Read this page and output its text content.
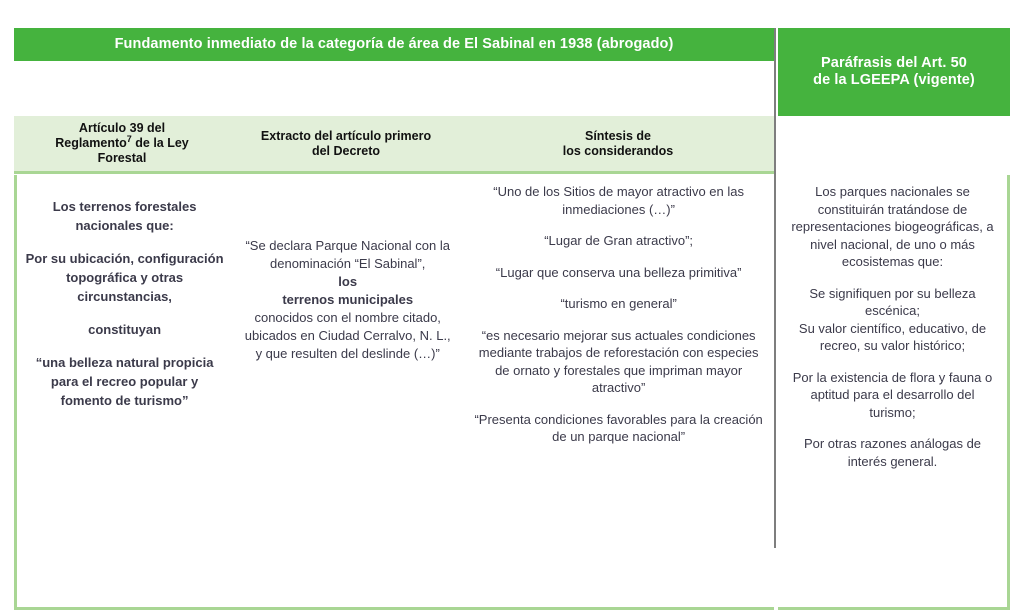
Fundamento inmediato de la categoría de área de El Sabinal en 1938 (abrogado)
Paráfrasis del Art. 50
de la LGEEPA (vigente)
Artículo 39 del
Reglamento$^7$ de la Ley
Forestal
Extracto del artículo primero
del Decreto
Síntesis de
los considerandos

Los terrenos forestales nacionales que:

Por su ubicación, configuración topográfica y otras circunstancias,

constituyan

“una belleza natural propicia para el recreo popular y fomento de turismo”

“Se declara Parque Nacional con la denominación “El Sabinal”,

los

terrenos municipales

conocidos con el nombre citado, ubicados en Ciudad Cerralvo, N. L., y que resulten del deslinde (…)”

“Uno de los Sitios de mayor atractivo en las inmediaciones (…)”

“Lugar de Gran atractivo”;

“Lugar que conserva una belleza primitiva”

“turismo en general”

“es necesario mejorar sus actuales condiciones mediante trabajos de reforestación con especies de ornato y forestales que impriman mayor atractivo”

“Presenta condiciones favorables para la creación de un parque nacional”

Los parques nacionales se constituirán tratándose de representaciones biogeográficas, a nivel nacional, de uno o más ecosistemas que:

Se signifiquen por su belleza escénica;
Su valor científico, educativo, de recreo, su valor histórico;

Por la existencia de flora y fauna o
aptitud para el desarrollo del turismo;

Por otras razones análogas de interés general.
